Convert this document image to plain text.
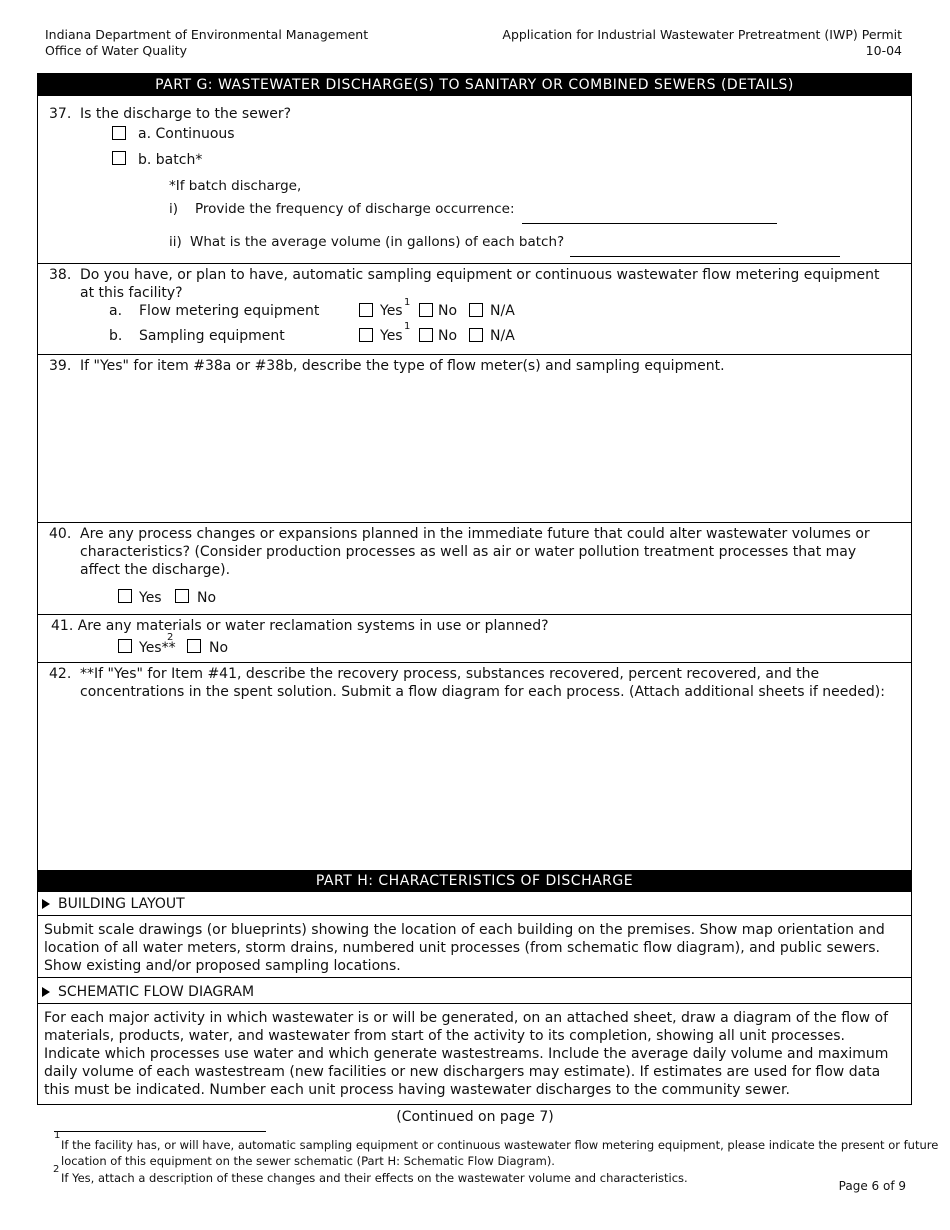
Indiana Department of Environmental Management
Office of Water Quality
Application for Industrial Wastewater Pretreatment (IWP) Permit
10-04
PART G: WASTEWATER DISCHARGE(S) TO SANITARY OR COMBINED SEWERS (DETAILS)
37. Is the discharge to the sewer?
a. Continuous
b. batch*
*If batch discharge,
i) Provide the frequency of discharge occurrence:
ii) What is the average volume (in gallons) of each batch?
38. Do you have, or plan to have, automatic sampling equipment or continuous wastewater flow metering equipment
at this facility?
a. Flow metering equipment	Yes
1
No N/A
b. Sampling equipment	Yes
1
No N/A
39. If "Yes" for item #38a or #38b, describe the type of flow meter(s) and sampling equipment.
40. Are any process changes or expansions planned in the immediate future that could alter wastewater volumes or
characteristics? (Consider production processes as well as air or water pollution treatment processes that may
affect the discharge).
Yes	No
41. Are any materials or water reclamation systems in use or planned?
Yes**
2
No
42. **If "Yes" for Item #41, describe the recovery process, substances recovered, percent recovered, and the
concentrations in the spent solution. Submit a flow diagram for each process. (Attach additional sheets if needed):
PART H: CHARACTERISTICS OF DISCHARGE
BUILDING LAYOUT
Submit scale drawings (or blueprints) showing the location of each building on the premises. Show map orientation and location of all water meters, storm drains, numbered unit processes (from schematic flow diagram), and public sewers. Show existing and/or proposed sampling locations.
SCHEMATIC FLOW DIAGRAM
For each major activity in which wastewater is or will be generated, on an attached sheet, draw a diagram of the flow of materials, products, water, and wastewater from start of the activity to its completion, showing all unit processes. Indicate which processes use water and which generate wastestreams. Include the average daily volume and maximum daily volume of each wastestream (new facilities or new dischargers may estimate). If estimates are used for flow data this must be indicated. Number each unit process having wastewater discharges to the community sewer.
(Continued on page 7)
1
If the facility has, or will have, automatic sampling equipment or continuous wastewater flow metering equipment, please indicate the present or future
location of this equipment on the sewer schematic (Part H: Schematic Flow Diagram).
2
If Yes, attach a description of these changes and their effects on the wastewater volume and characteristics.
Page 6 of 9
